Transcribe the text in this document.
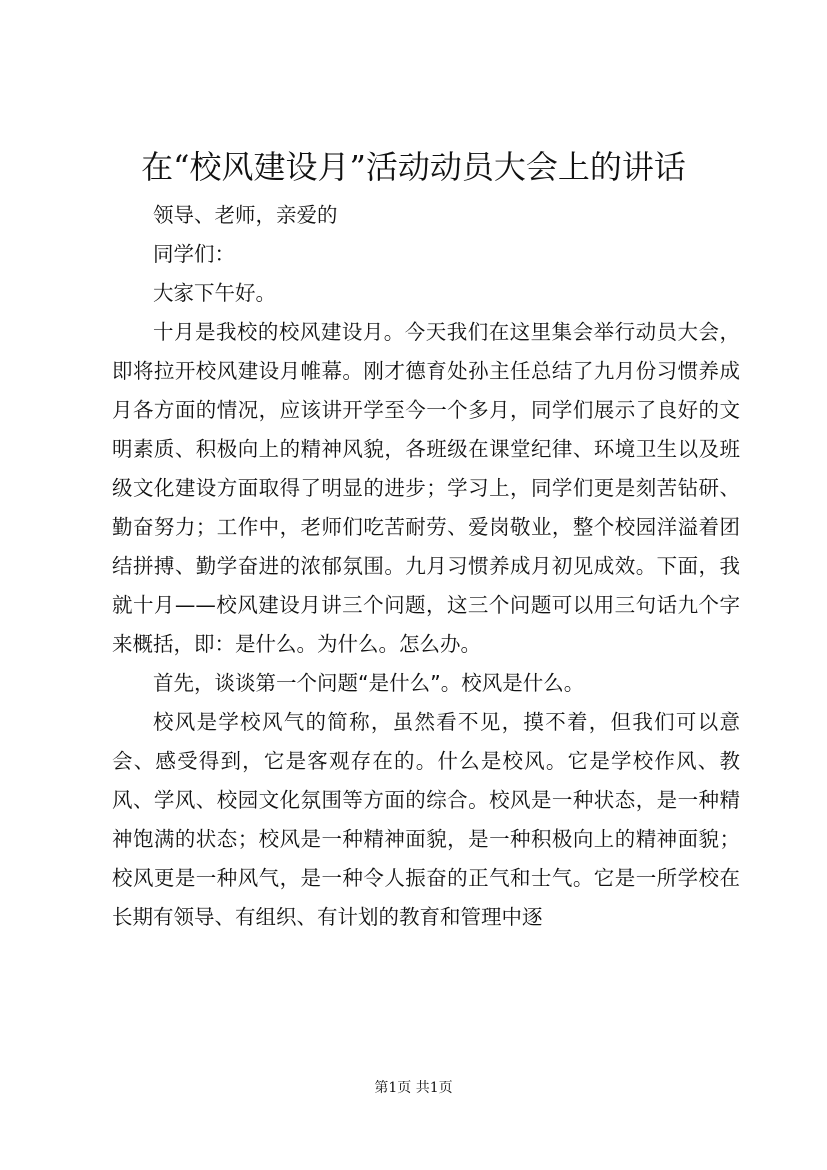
在“校风建设月”活动动员大会上的讲话

领导、老师，亲爱的

同学们：

大家下午好。

十月是我校的校风建设月。今天我们在这里集会举行动员大会，即将拉开校风建设月帷幕。刚才德育处孙主任总结了九月份习惯养成月各方面的情况，应该讲开学至今一个多月，同学们展示了良好的文明素质、积极向上的精神风貌，各班级在课堂纪律、环境卫生以及班级文化建设方面取得了明显的进步；学习上，同学们更是刻苦钻研、勤奋努力；工作中，老师们吃苦耐劳、爱岗敬业，整个校园洋溢着团结拼搏、勤学奋进的浓郁氛围。九月习惯养成月初见成效。下面，我就十月——校风建设月讲三个问题，这三个问题可以用三句话九个字来概括，即：是什么。为什么。怎么办。

首先，谈谈第一个问题“是什么”。校风是什么。

校风是学校风气的简称，虽然看不见，摸不着，但我们可以意会、感受得到，它是客观存在的。什么是校风。它是学校作风、教风、学风、校园文化氛围等方面的综合。校风是一种状态，是一种精神饱满的状态；校风是一种精神面貌，是一种积极向上的精神面貌；校风更是一种风气，是一种令人振奋的正气和士气。它是一所学校在长期有领导、有组织、有计划的教育和管理中逐

第1页 共1页
